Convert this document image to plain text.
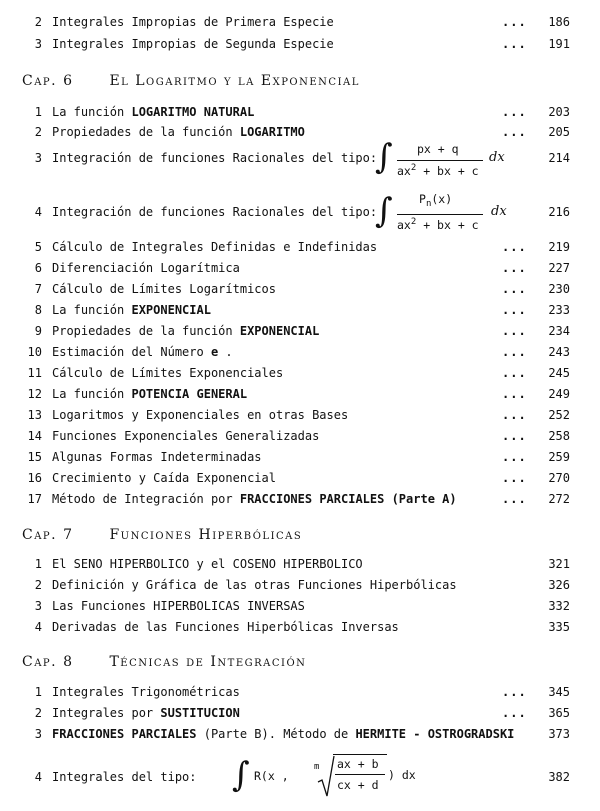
2 Integrales Impropias de Primera Especie	...	186
3 Integrales Impropias de Segunda Especie	...	191
Cap. 6	El Logaritmo y la Exponencial
1 La función LOGARITMO NATURAL	...	203
2 Propiedades de la función LOGARITMO	...	205
3 Integración de funciones Racionales del tipo:	214
∫ px + q
$ax^2$ + bx + c
dx
4 Integración de funciones Racionales del tipo:	216
∫ $P_n(x)$
$ax^2$ + bx + c
dx
5 Cálculo de Integrales Definidas e Indefinidas	...	219
6 Diferenciación Logarítmica	...	227
7 Cálculo de Límites Logarítmicos	...	230
8 La función EXPONENCIAL	...	233
9 Propiedades de la función EXPONENCIAL	...	234
10 Estimación del Número e .	...	243
11 Cálculo de Límites Exponenciales	...	245
12 La función POTENCIA GENERAL	...	249
13 Logaritmos y Exponenciales en otras Bases	...	252
14 Funciones Exponenciales Generalizadas	...	258
15 Algunas Formas Indeterminadas	...	259
16 Crecimiento y Caída Exponencial	...	270
17 Método de Integración por FRACCIONES PARCIALES (Parte A)	...	272
Cap. 7	Funciones Hiperbólicas
1 El SENO HIPERBOLICO y el COSENO HIPERBOLICO	321
2 Definición y Gráfica de las otras Funciones Hiperbólicas	326
3 Las Funciones HIPERBOLICAS INVERSAS	332
4 Derivadas de las Funciones Hiperbólicas Inversas	335
Cap. 8	Técnicas de Integración
1 Integrales Trigonométricas	...	345
2 Integrales por SUSTITUCION	...	365
3 FRACCIONES PARCIALES (Parte B). Método de HERMITE - OSTROGRADSKI	373
4 Integrales del tipo:	382
∫ R(x ,
m ax + b
cx + d
) dx
